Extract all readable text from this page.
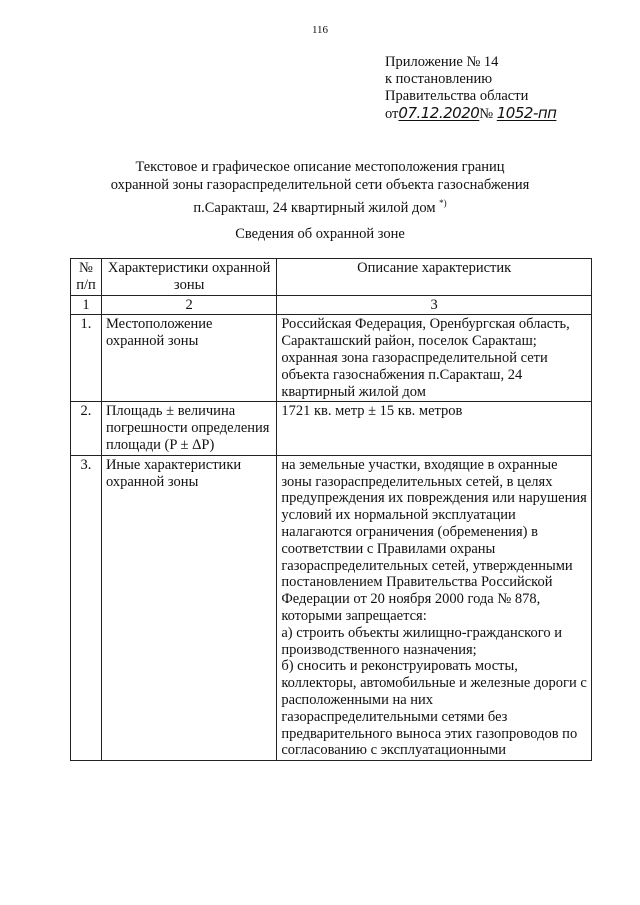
116
Приложение № 14
к постановлению
Правительства области
от07.12.2020№ 1052-пп
Текстовое и графическое описание местоположения границ
охранной зоны газораспределительной сети объекта газоснабжения
п.Саракташ, 24 квартирный жилой дом *)
Сведения об охранной зоне
№ п/п	Характеристики охранной зоны	Описание характеристик
1	2	3
1.	Местоположение охранной зоны	Российская Федерация, Оренбургская область, Саракташский район, поселок Саракташ; охранная зона газораспределительной сети объекта газоснабжения п.Саракташ, 24 квартирный жилой дом
2.	Площадь ± величина погрешности определения площади (P ± ΔP)	1721 кв. метр ± 15 кв. метров
3.	Иные характеристики охранной зоны	на земельные участки, входящие в охранные зоны газораспределительных сетей, в целях предупреждения их повреждения или нарушения условий их нормальной эксплуатации налагаются ограничения (обременения) в соответствии с Правилами охраны газораспределительных сетей, утвержденными постановлением Правительства Российской Федерации от 20 ноября 2000 года № 878, которыми запрещается:
а) строить объекты жилищно-гражданского и производственного назначения;
б) сносить и реконструировать мосты, коллекторы, автомобильные и железные дороги с расположенными на них газораспределительными сетями без предварительного выноса этих газопроводов по согласованию с эксплуатационными
